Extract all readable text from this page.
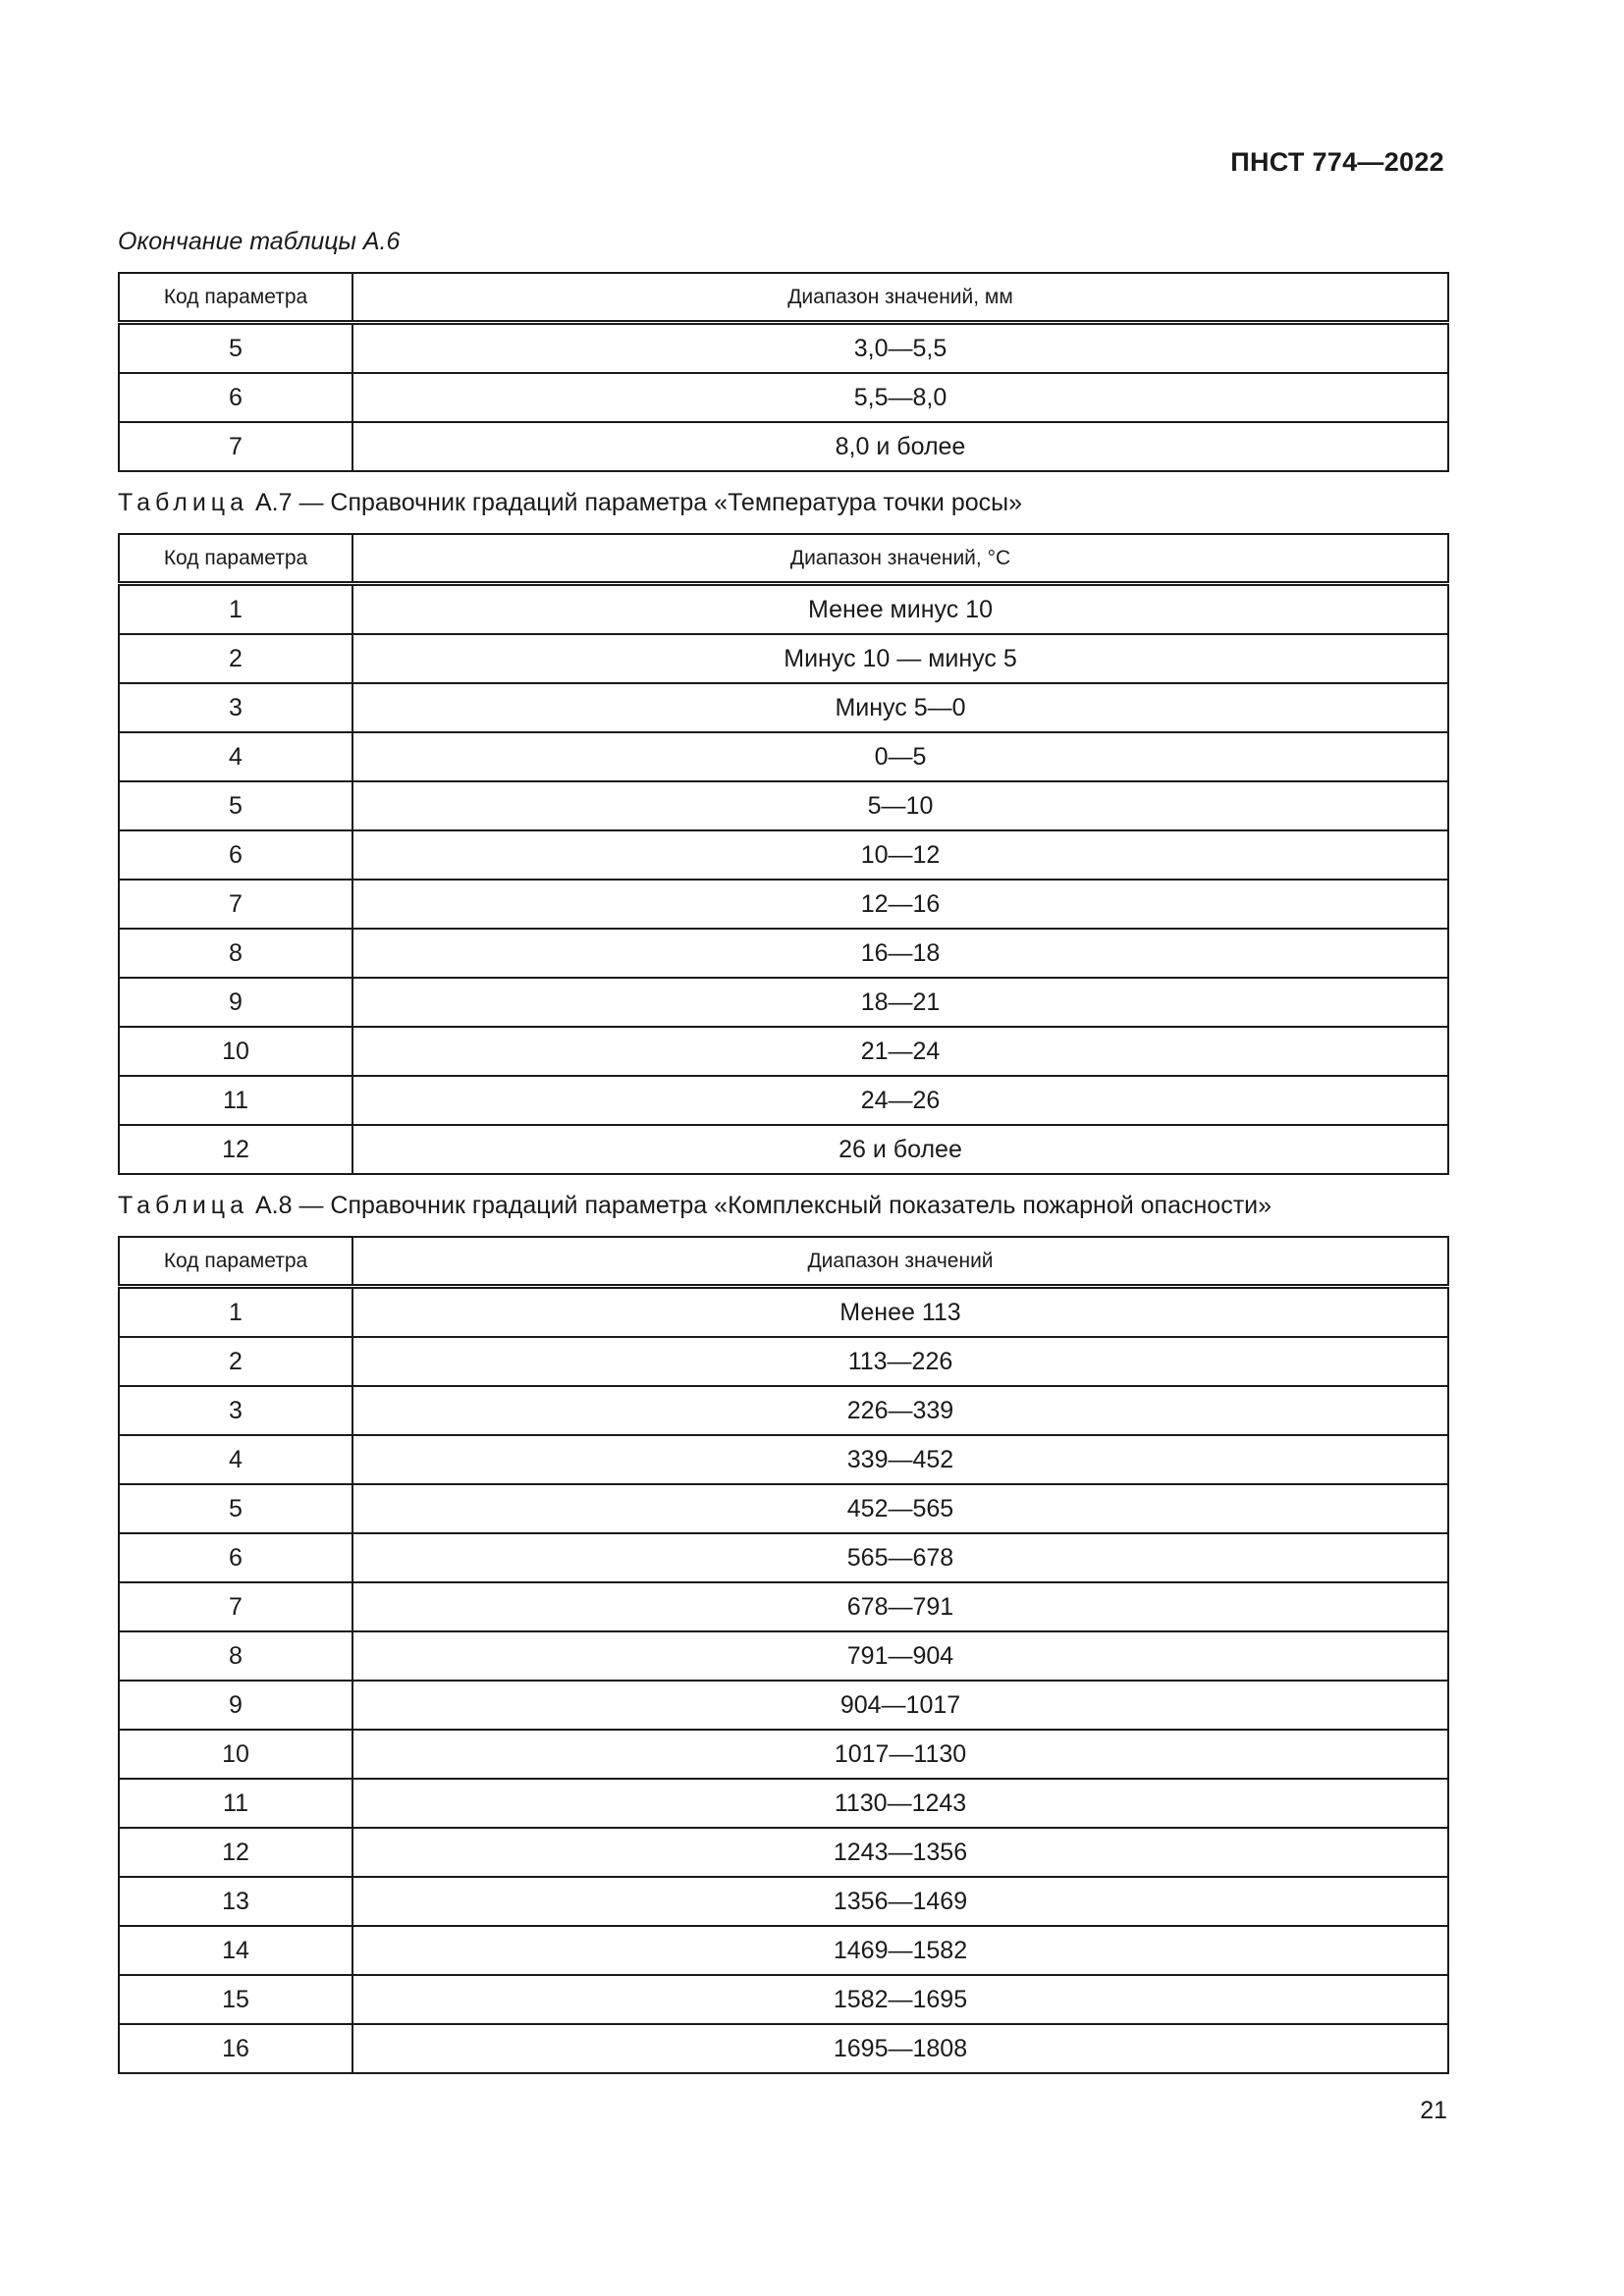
ПНСТ 774—2022
Окончание таблицы А.6
Код параметра	Диапазон значений, мм
5	3,0—5,5
6	5,5—8,0
7	8,0 и более
Таблица А.7 — Справочник градаций параметра «Температура точки росы»
Код параметра	Диапазон значений, °С
1	Менее минус 10
2	Минус 10 — минус 5
3	Минус 5—0
4	0—5
5	5—10
6	10—12
7	12—16
8	16—18
9	18—21
10	21—24
11	24—26
12	26 и более
Таблица А.8 — Справочник градаций параметра «Комплексный показатель пожарной опасности»
Код параметра	Диапазон значений
1	Менее 113
2	113—226
3	226—339
4	339—452
5	452—565
6	565—678
7	678—791
8	791—904
9	904—1017
10	1017—1130
11	1130—1243
12	1243—1356
13	1356—1469
14	1469—1582
15	1582—1695
16	1695—1808
21
